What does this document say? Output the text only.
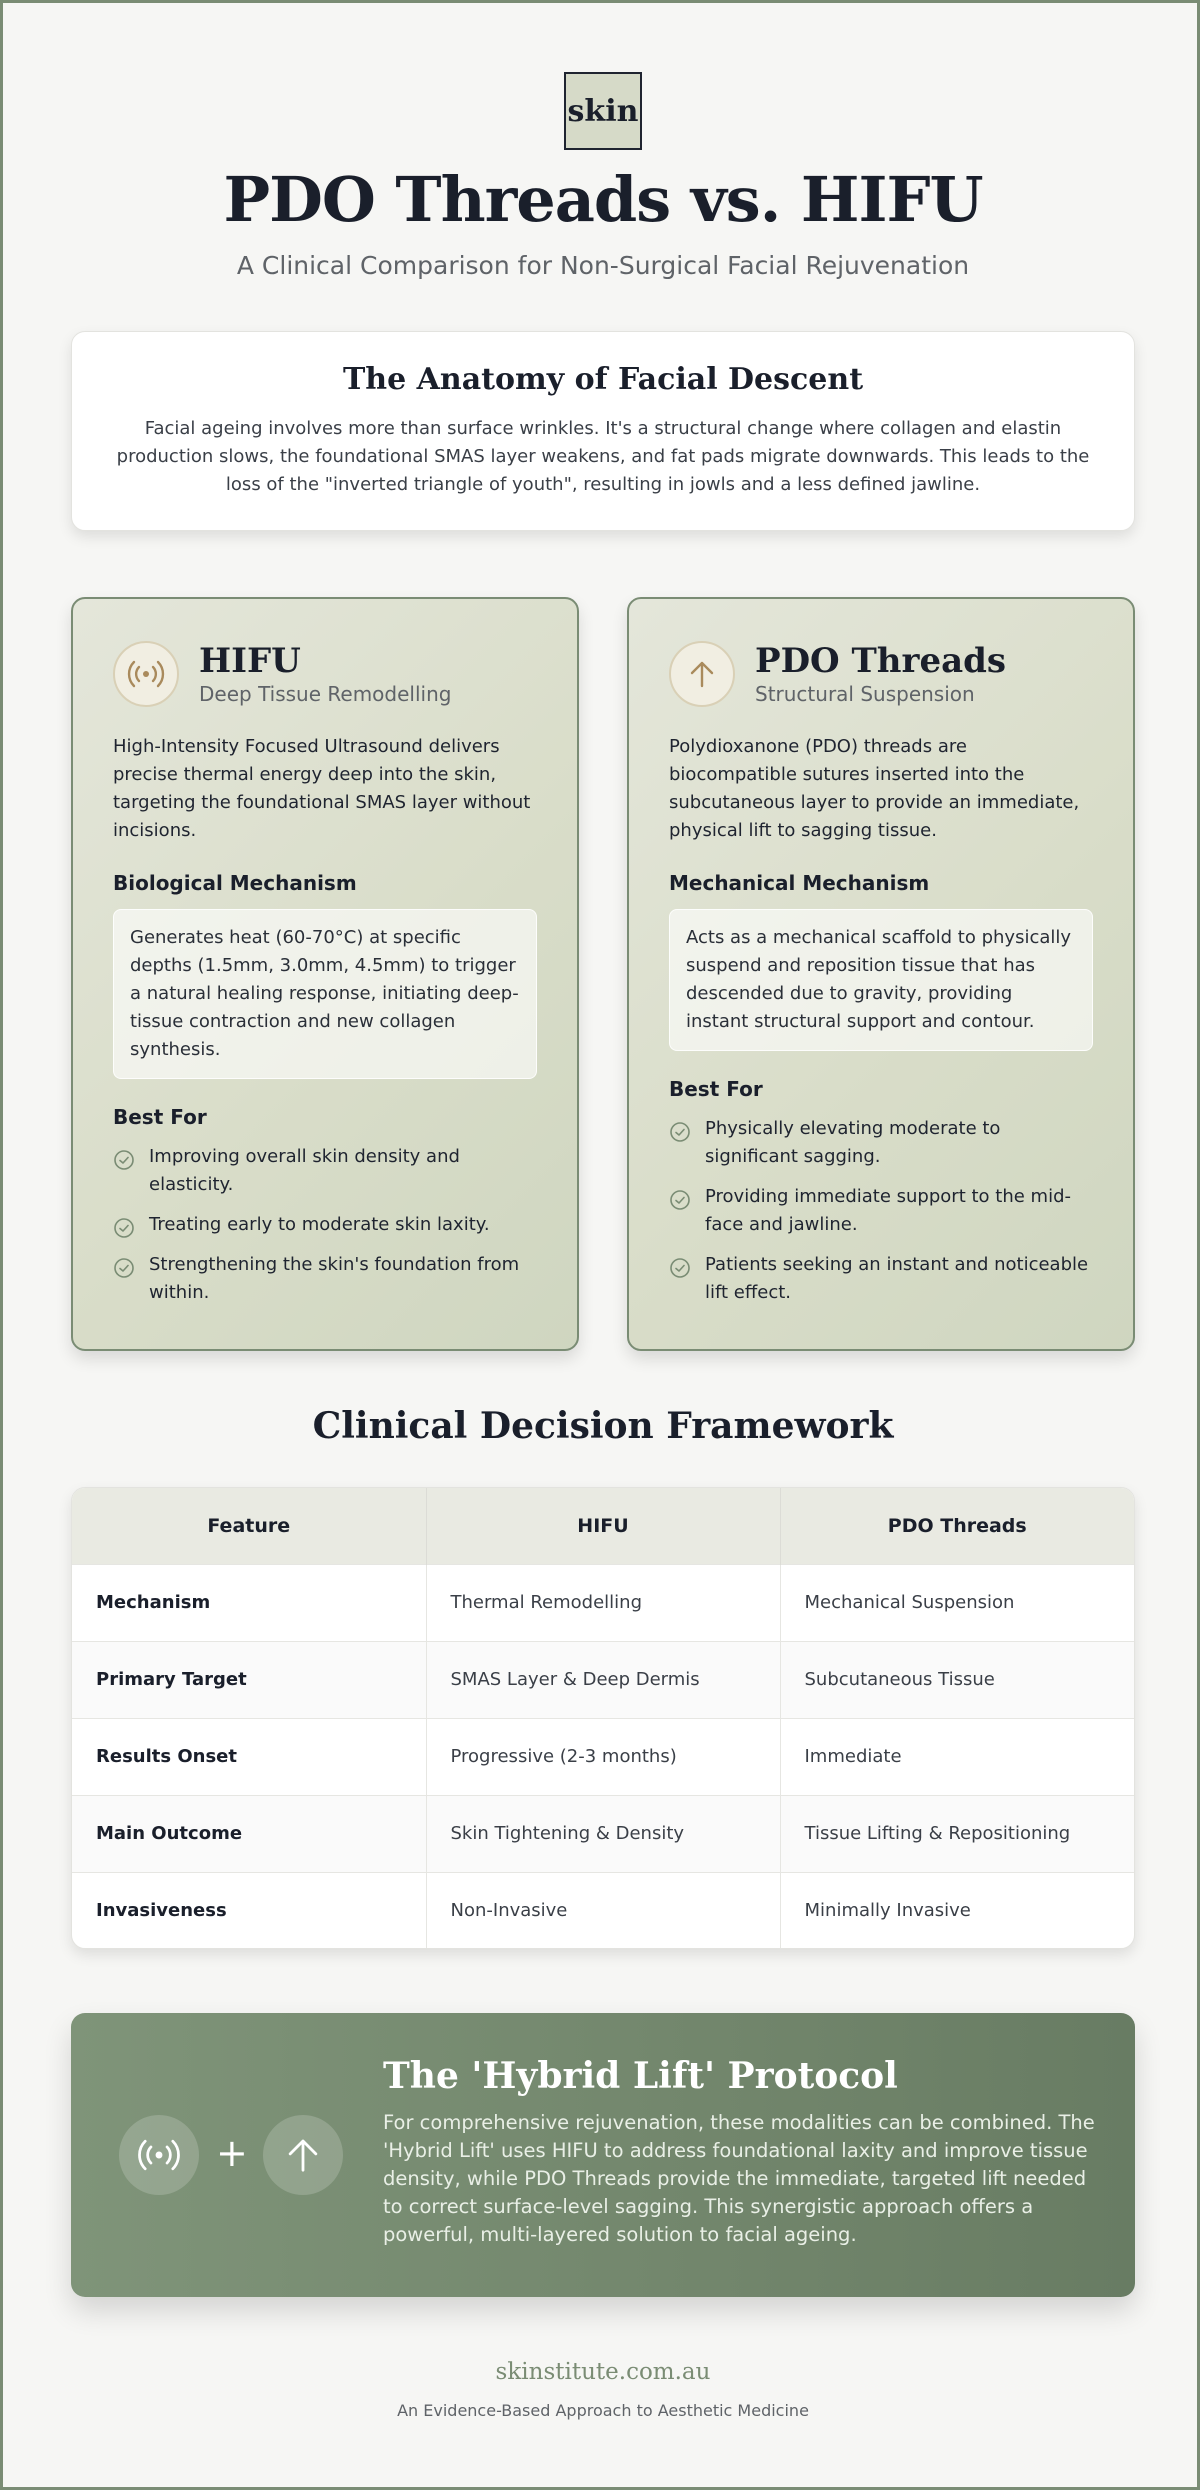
skin
PDO Threads vs. HIFU
A Clinical Comparison for Non-Surgical Facial Rejuvenation
The Anatomy of Facial Descent

Facial ageing involves more than surface wrinkles. It's a structural change where collagen and elastin production slows, the foundational SMAS layer weakens, and fat pads migrate downwards. This leads to the loss of the "inverted triangle of youth", resulting in jowls and a less defined jawline.

HIFU
Deep Tissue Remodelling

High-Intensity Focused Ultrasound delivers precise thermal energy deep into the skin, targeting the foundational SMAS layer without incisions.

Biological Mechanism
Generates heat (60-70°C) at specific depths (1.5mm, 3.0mm, 4.5mm) to trigger a natural healing response, initiating deep-tissue contraction and new collagen synthesis.
Best For
Improving overall skin density and elasticity.
Treating early to moderate skin laxity.
Strengthening the skin's foundation from within.
PDO Threads
Structural Suspension

Polydioxanone (PDO) threads are biocompatible sutures inserted into the subcutaneous layer to provide an immediate, physical lift to sagging tissue.

Mechanical Mechanism
Acts as a mechanical scaffold to physically suspend and reposition tissue that has descended due to gravity, providing instant structural support and contour.
Best For
Physically elevating moderate to significant sagging.
Providing immediate support to the mid-face and jawline.
Patients seeking an instant and noticeable lift effect.
Clinical Decision Framework
Feature	HIFU	PDO Threads
Mechanism	Thermal Remodelling	Mechanical Suspension
Primary Target	SMAS Layer & Deep Dermis	Subcutaneous Tissue
Results Onset	Progressive (2-3 months)	Immediate
Main Outcome	Skin Tightening & Density	Tissue Lifting & Repositioning
Invasiveness	Non-Invasive	Minimally Invasive
+
The 'Hybrid Lift' Protocol

For comprehensive rejuvenation, these modalities can be combined. The 'Hybrid Lift' uses HIFU to address foundational laxity and improve tissue density, while PDO Threads provide the immediate, targeted lift needed to correct surface-level sagging. This synergistic approach offers a powerful, multi-layered solution to facial ageing.

skinstitute.com.au
An Evidence-Based Approach to Aesthetic Medicine
